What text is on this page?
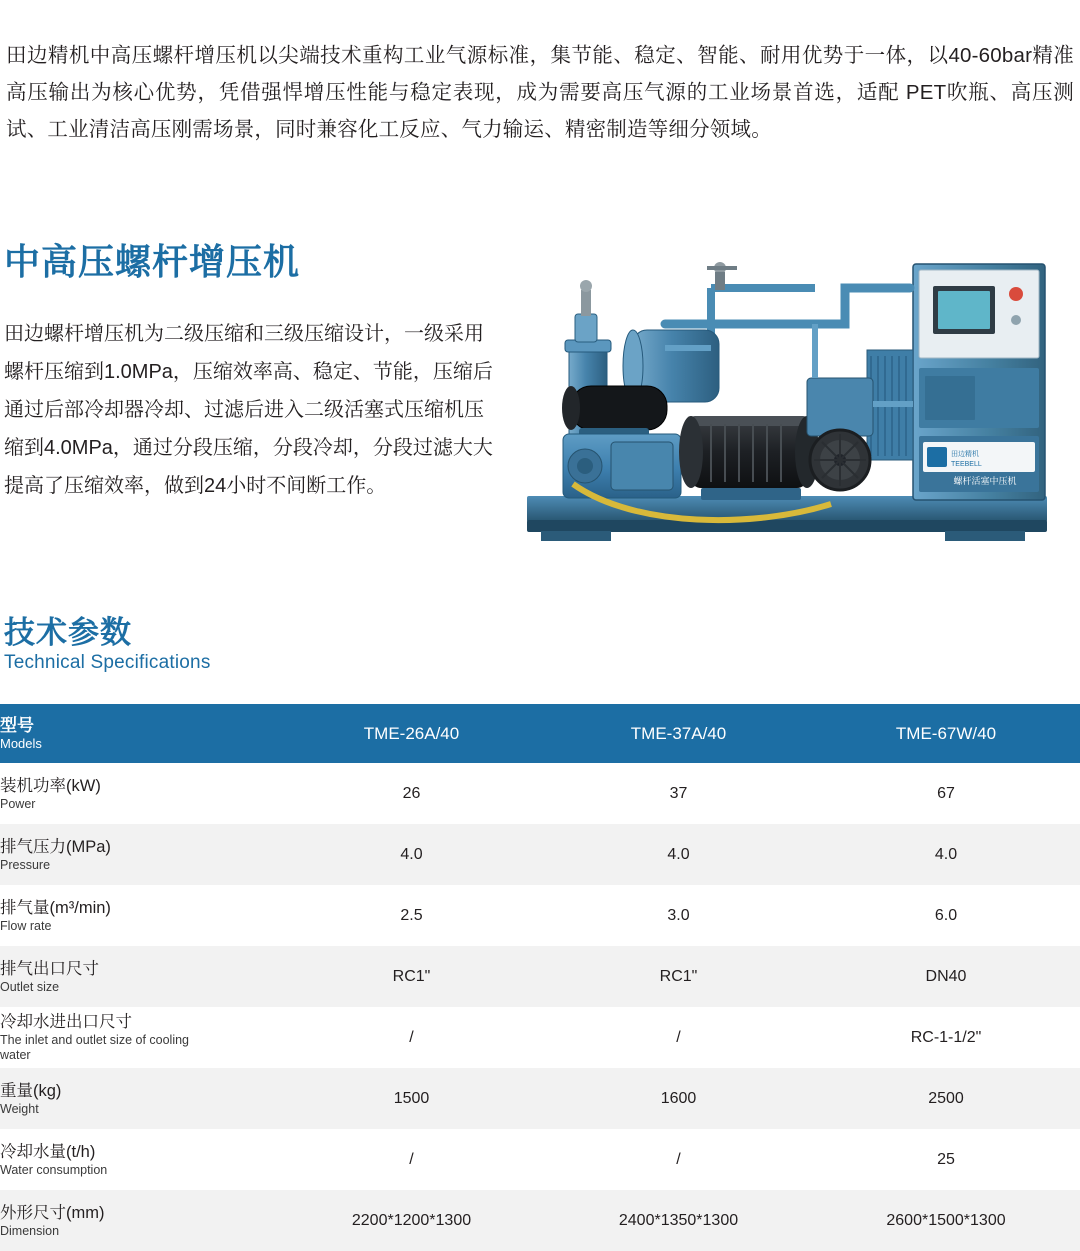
田边精机中高压螺杆增压机以尖端技术重构工业气源标准，集节能、稳定、智能、耐用优势于一体，以40-60bar精准高压输出为核心优势，凭借强悍增压性能与稳定表现，成为需要高压气源的工业场景首选，适配 PET吹瓶、高压测试、工业清洁高压刚需场景，同时兼容化工反应、气力输运、精密制造等细分领域。

中高压螺杆增压机

田边螺杆增压机为二级压缩和三级压缩设计，一级采用螺杆压缩到1.0MPa，压缩效率高、稳定、节能，压缩后通过后部冷却器冷却、过滤后进入二级活塞式压缩机压缩到4.0MPa，通过分段压缩，分段冷却，分段过滤大大提高了压缩效率，做到24小时不间断工作。

田边精机
TEEBELL
螺杆活塞中压机
技术参数
Technical Specifications
型号
Models	TME-26A/40	TME-37A/40	TME-67W/40

装机功率(kW)
Power	26	37	67

排气压力(MPa)
Pressure	4.0	4.0	4.0

排气量(m³/min)
Flow rate	2.5	3.0	6.0

排气出口尺寸
Outlet size	RC1"	RC1"	DN40

冷却水进出口尺寸
The inlet and outlet size of cooling water	/	/	RC-1-1/2"

重量(kg)
Weight	1500	1600	2500

冷却水量(t/h)
Water consumption	/	/	25

外形尺寸(mm)
Dimension	2200*1200*1300	2400*1350*1300	2600*1500*1300
